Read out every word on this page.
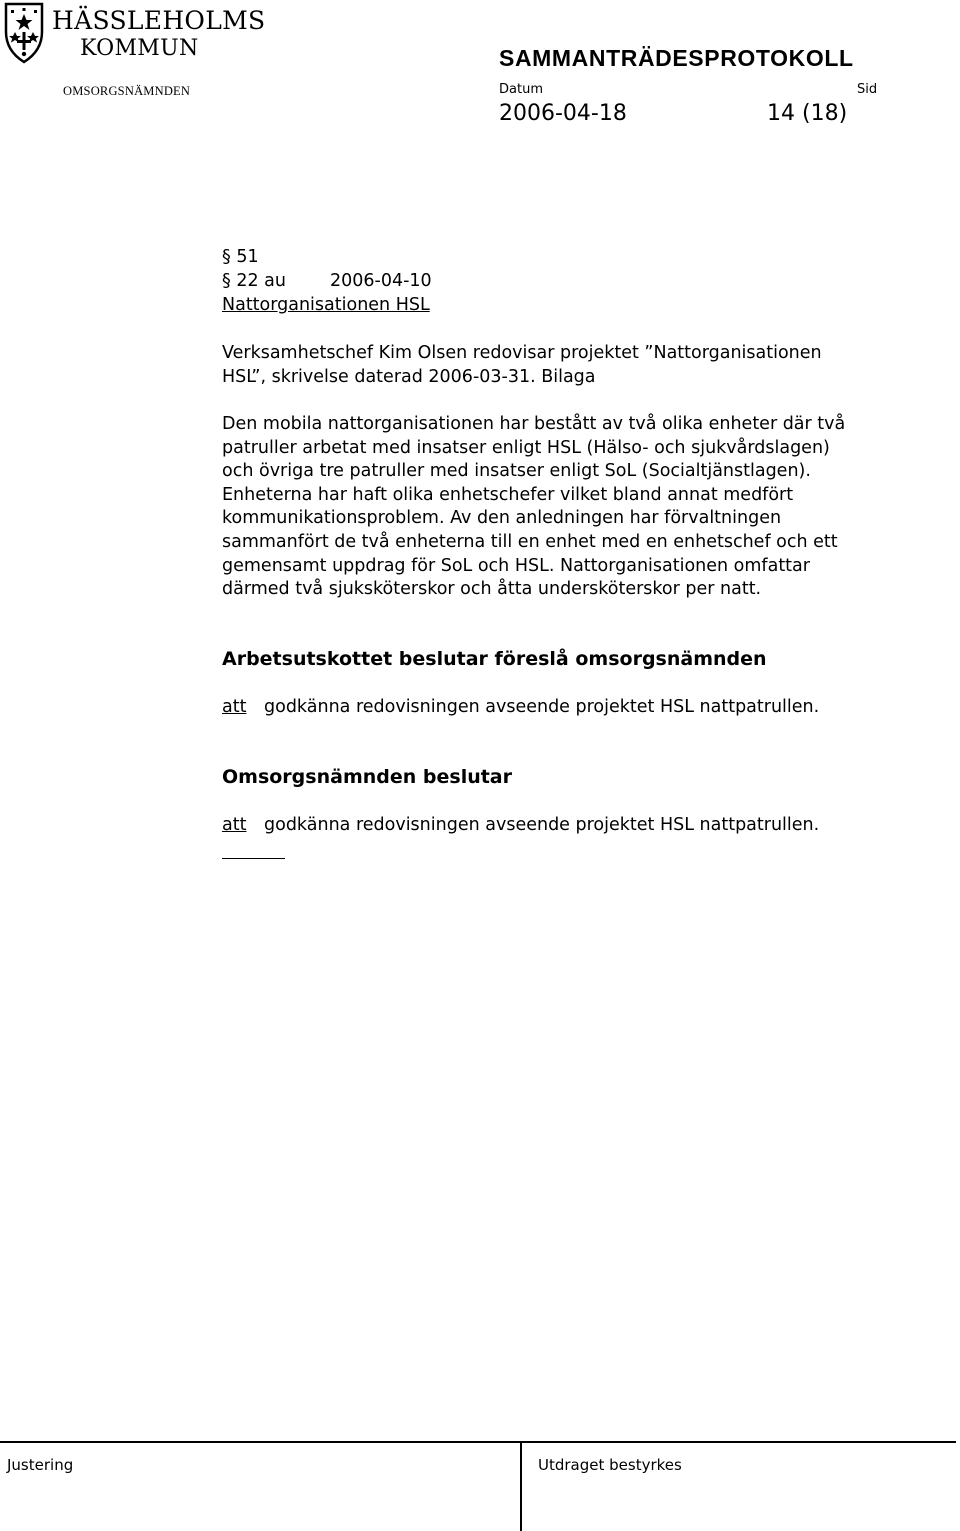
HÄSSLEHOLMS
KOMMUN	SAMMANTRÄDESPROTOKOLL
OMSORGSNÄMNDEN	Datum	Sid
2006-04-18	14 (18)
§ 51
§ 22 au	2006-04-10
Nattorganisationen HSL
Verksamhetschef Kim Olsen redovisar projektet ”Nattorganisationen
HSL”, skrivelse daterad 2006-03-31. Bilaga
Den mobila nattorganisationen har bestått av två olika enheter där två
patruller arbetat med insatser enligt HSL (Hälso- och sjukvårdslagen)
och övriga tre patruller med insatser enligt SoL (Socialtjänstlagen).
Enheterna har haft olika enhetschefer vilket bland annat medfört
kommunikationsproblem. Av den anledningen har förvaltningen
sammanfört de två enheterna till en enhet med en enhetschef och ett
gemensamt uppdrag för SoL och HSL. Nattorganisationen omfattar
därmed två sjuksköterskor och åtta undersköterskor per natt.
Arbetsutskottet beslutar föreslå omsorgsnämnden
att godkänna redovisningen avseende projektet HSL nattpatrullen.
Omsorgsnämnden beslutar
att godkänna redovisningen avseende projektet HSL nattpatrullen.
Justering	Utdraget bestyrkes
